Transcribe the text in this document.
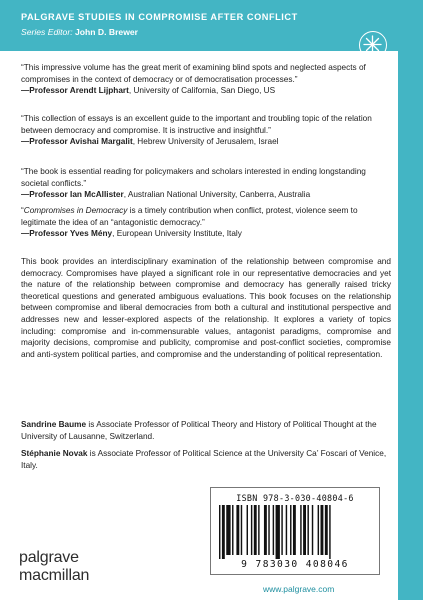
PALGRAVE STUDIES IN COMPROMISE AFTER CONFLICT
Series Editor: John D. Brewer
“This impressive volume has the great merit of examining blind spots and neglected aspects of compromises in the context of democracy or of democratisation processes.”
—Professor Arendt Lijphart, University of California, San Diego, US
“This collection of essays is an excellent guide to the important and troubling topic of the relation between democracy and compromise. It is instructive and insightful.”
—Professor Avishai Margalit, Hebrew University of Jerusalem, Israel
“The book is essential reading for policymakers and scholars interested in ending longstanding societal conflicts.”
—Professor Ian McAllister, Australian National University, Canberra, Australia
“Compromises in Democracy is a timely contribution when conflict, protest, violence seem to legitimate the idea of an “antagonistic democracy.”
—Professor Yves Mény, European University Institute, Italy
This book provides an interdisciplinary examination of the relationship between compromise and democracy. Compromises have played a significant role in our representative democracies and yet the nature of the relationship between compromise and democracy has generally raised tricky theoretical questions and generated ambiguous evaluations. This book focuses on the relationship between compromise and liberal democracies from both a cultural and institutional perspective and addresses new and lesser-explored aspects of the relationship. It explores a variety of topics including: compromise and in-commensurable values, antagonist paradigms, compromise and majority decisions, compromise and publicity, compromise and post-conflict societies, compromise and anti-system political parties, and compromise and the understanding of political representation.
Sandrine Baume is Associate Professor of Political Theory and History of Political Thought at the University of Lausanne, Switzerland.
Stéphanie Novak is Associate Professor of Political Science at the University Ca’ Foscari of Venice, Italy.
ISBN 978-3-030-40804-6
9 783030 408046
palgrave
macmillan
www.palgrave.com
